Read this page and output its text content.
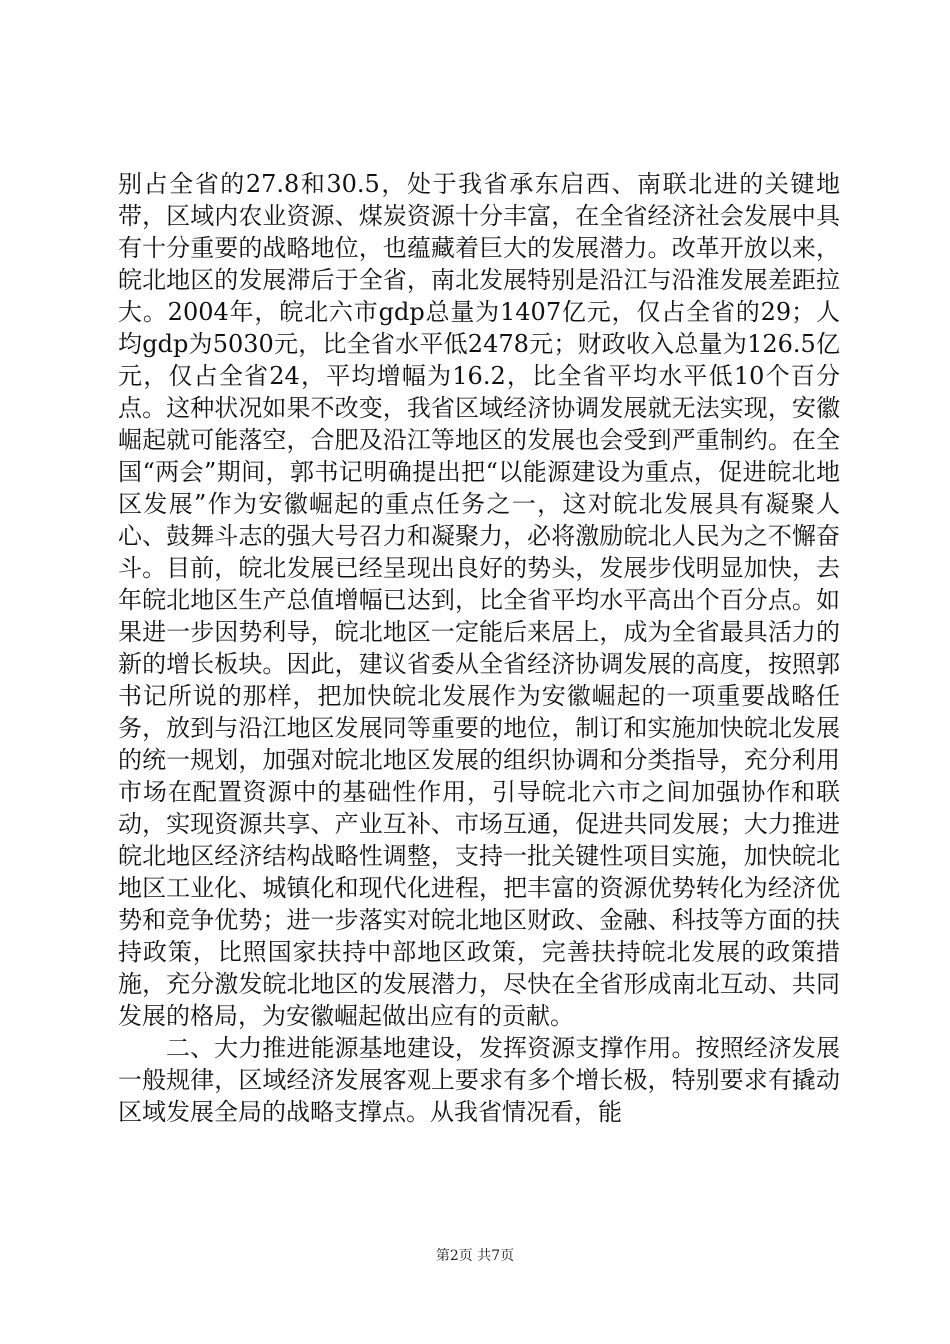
别占全省的27.8和30.5，处于我省承东启西、南联北进的关键地带，区域内农业资源、煤炭资源十分丰富，在全省经济社会发展中具有十分重要的战略地位，也蕴藏着巨大的发展潜力。改革开放以来，皖北地区的发展滞后于全省，南北发展特别是沿江与沿淮发展差距拉大。2004年，皖北六市gdp总量为1407亿元，仅占全省的29；人均gdp为5030元，比全省水平低2478元；财政收入总量为126.5亿元，仅占全省24，平均增幅为16.2，比全省平均水平低10个百分点。这种状况如果不改变，我省区域经济协调发展就无法实现，安徽崛起就可能落空，合肥及沿江等地区的发展也会受到严重制约。在全国“两会”期间，郭书记明确提出把“以能源建设为重点，促进皖北地区发展”作为安徽崛起的重点任务之一，这对皖北发展具有凝聚人心、鼓舞斗志的强大号召力和凝聚力，必将激励皖北人民为之不懈奋斗。目前，皖北发展已经呈现出良好的势头，发展步伐明显加快，去年皖北地区生产总值增幅已达到，比全省平均水平高出个百分点。如果进一步因势利导，皖北地区一定能后来居上，成为全省最具活力的新的增长板块。因此，建议省委从全省经济协调发展的高度，按照郭书记所说的那样，把加快皖北发展作为安徽崛起的一项重要战略任务，放到与沿江地区发展同等重要的地位，制订和实施加快皖北发展的统一规划，加强对皖北地区发展的组织协调和分类指导，充分利用市场在配置资源中的基础性作用，引导皖北六市之间加强协作和联动，实现资源共享、产业互补、市场互通，促进共同发展；大力推进皖北地区经济结构战略性调整，支持一批关键性项目实施，加快皖北地区工业化、城镇化和现代化进程，把丰富的资源优势转化为经济优势和竞争优势；进一步落实对皖北地区财政、金融、科技等方面的扶持政策，比照国家扶持中部地区政策，完善扶持皖北发展的政策措施，充分激发皖北地区的发展潜力，尽快在全省形成南北互动、共同发展的格局，为安徽崛起做出应有的贡献。

二、大力推进能源基地建设，发挥资源支撑作用。按照经济发展一般规律，区域经济发展客观上要求有多个增长极，特别要求有撬动区域发展全局的战略支撑点。从我省情况看，能

第2页 共7页
